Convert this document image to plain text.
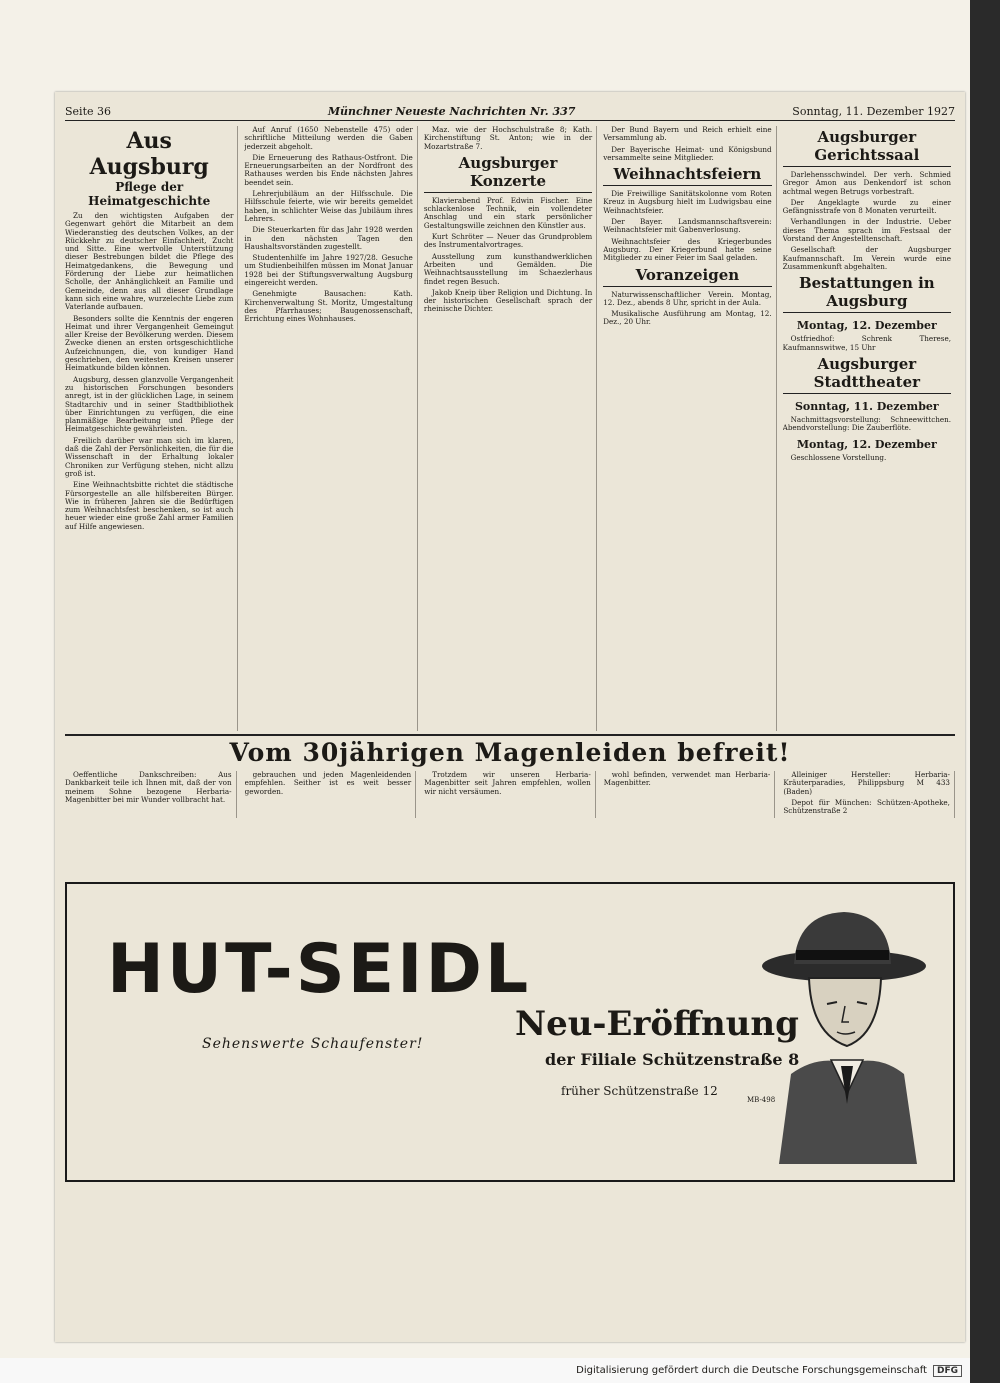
Seite 36	Münchner Neueste Nachrichten Nr. 337	Sonntag, 11. Dezember 1927
Aus Augsburg
Pflege der Heimatgeschichte

Zu den wichtigsten Aufgaben der Gegenwart gehört die Mitarbeit an dem Wiederanstieg des deutschen Volkes, an der Rückkehr zu deutscher Einfachheit, Zucht und Sitte. Eine wertvolle Unterstützung dieser Bestrebungen bildet die Pflege des Heimatgedankens, die Bewegung und Förderung der Liebe zur heimatlichen Scholle, der Anhänglichkeit an Familie und Gemeinde, denn aus all dieser Grundlage kann sich eine wahre, wurzelechte Liebe zum Vaterlande aufbauen.

Besonders sollte die Kenntnis der engeren Heimat und ihrer Vergangenheit Gemeingut aller Kreise der Bevölkerung werden. Diesem Zwecke dienen an ersten ortsgeschichtliche Aufzeichnungen, die, von kundiger Hand geschrieben, den weitesten Kreisen unserer Heimatkunde bilden können.

Augsburg, dessen glanzvolle Vergangenheit zu historischen Forschungen besonders anregt, ist in der glücklichen Lage, in seinem Stadtarchiv und in seiner Stadtbibliothek über Einrichtungen zu verfügen, die eine planmäßige Bearbeitung und Pflege der Heimatgeschichte gewährleisten.

Freilich darüber war man sich im klaren, daß die Zahl der Persönlichkeiten, die für die Wissenschaft in der Erhaltung lokaler Chroniken zur Verfügung stehen, nicht allzu groß ist.

Eine Weihnachtsbitte richtet die städtische Fürsorgestelle an alle hilfsbereiten Bürger. Wie in früheren Jahren sie die Bedürftigen zum Weihnachtsfest beschenken, so ist auch heuer wieder eine große Zahl armer Familien auf Hilfe angewiesen.

Auf Anruf (1650 Nebenstelle 475) oder schriftliche Mitteilung werden die Gaben jederzeit abgeholt.

Die Erneuerung des Rathaus-Ostfront. Die Erneuerungsarbeiten an der Nordfront des Rathauses werden bis Ende nächsten Jahres beendet sein.

Lehrerjubiläum an der Hilfsschule. Die Hilfsschule feierte, wie wir bereits gemeldet haben, in schlichter Weise das Jubiläum ihres Lehrers.

Die Steuerkarten für das Jahr 1928 werden in den nächsten Tagen den Haushaltsvorständen zugestellt.

Studentenhilfe im Jahre 1927/28. Gesuche um Studienbeihilfen müssen im Monat Januar 1928 bei der Stiftungsverwaltung Augsburg eingereicht werden.

Genehmigte Bausachen: Kath. Kirchenverwaltung St. Moritz, Umgestaltung des Pfarrhauses; Baugenossenschaft, Errichtung eines Wohnhauses.

Maz. wie der Hochschulstraße 8; Kath. Kirchenstiftung St. Anton; wie in der Mozartstraße 7.

Augsburger Konzerte

Klavierabend Prof. Edwin Fischer. Eine schlackenlose Technik, ein vollendeter Anschlag und ein stark persönlicher Gestaltungswille zeichnen den Künstler aus.

Kurt Schröter — Neuer das Grundproblem des Instrumentalvortrages.

Ausstellung zum kunsthandwerklichen Arbeiten und Gemälden. Die Weihnachtsausstellung im Schaezlerhaus findet regen Besuch.

Jakob Kneip über Religion und Dichtung. In der historischen Gesellschaft sprach der rheinische Dichter.

Der Bund Bayern und Reich erhielt eine Versammlung ab.

Der Bayerische Heimat- und Königsbund versammelte seine Mitglieder.

Weihnachtsfeiern

Die Freiwillige Sanitätskolonne vom Roten Kreuz in Augsburg hielt im Ludwigsbau eine Weihnachtsfeier.

Der Bayer. Landsmannschaftsverein: Weihnachtsfeier mit Gabenverlosung.

Weihnachtsfeier des Kriegerbundes Augsburg. Der Kriegerbund hatte seine Mitglieder zu einer Feier im Saal geladen.

Voranzeigen

Naturwissenschaftlicher Verein. Montag, 12. Dez., abends 8 Uhr, spricht in der Aula.

Musikalische Ausführung am Montag, 12. Dez., 20 Uhr.

Augsburger Gerichtssaal

Darlehensschwindel. Der verh. Schmied Gregor Amon aus Denkendorf ist schon achtmal wegen Betrugs vorbestraft.

Der Angeklagte wurde zu einer Gefängnisstrafe von 8 Monaten verurteilt.

Verhandlungen in der Industrie. Ueber dieses Thema sprach im Festsaal der Vorstand der Angestelltenschaft.

Gesellschaft der Augsburger Kaufmannschaft. Im Verein wurde eine Zusammenkunft abgehalten.

Bestattungen in Augsburg
Montag, 12. Dezember

Ostfriedhof: Schrenk Therese, Kaufmannswitwe, 15 Uhr

Augsburger Stadttheater
Sonntag, 11. Dezember

Nachmittagsvorstellung: Schneewittchen. Abendvorstellung: Die Zauberflöte.

Montag, 12. Dezember

Geschlossene Vorstellung.

Vom 30jährigen Magenleiden befreit!

Oeffentliche Dankschreiben: Aus Dankbarkeit teile ich Ihnen mit, daß der von meinem Sohne bezogene Herbaria-Magenbitter bei mir Wunder vollbracht hat.

gebrauchen und jeden Magenleidenden empfehlen. Seither ist es weit besser geworden.

Trotzdem wir unseren Herbaria-Magenbitter seit Jahren empfehlen, wollen wir nicht versäumen.

wohl befinden, verwendet man Herbaria-Magenbitter.

Alleiniger Hersteller: Herbaria-Kräuterparadies, Philippsburg M 433 (Baden)

Depot für München: Schützen-Apotheke, Schützenstraße 2

HUT-SEIDL
Sehenswerte Schaufenster!	Neu-Eröffnung
der Filiale Schützenstraße 8
früher Schützenstraße 12
MB-498
Digitalisierung gefördert durch die Deutsche Forschungsgemeinschaft	DFG
